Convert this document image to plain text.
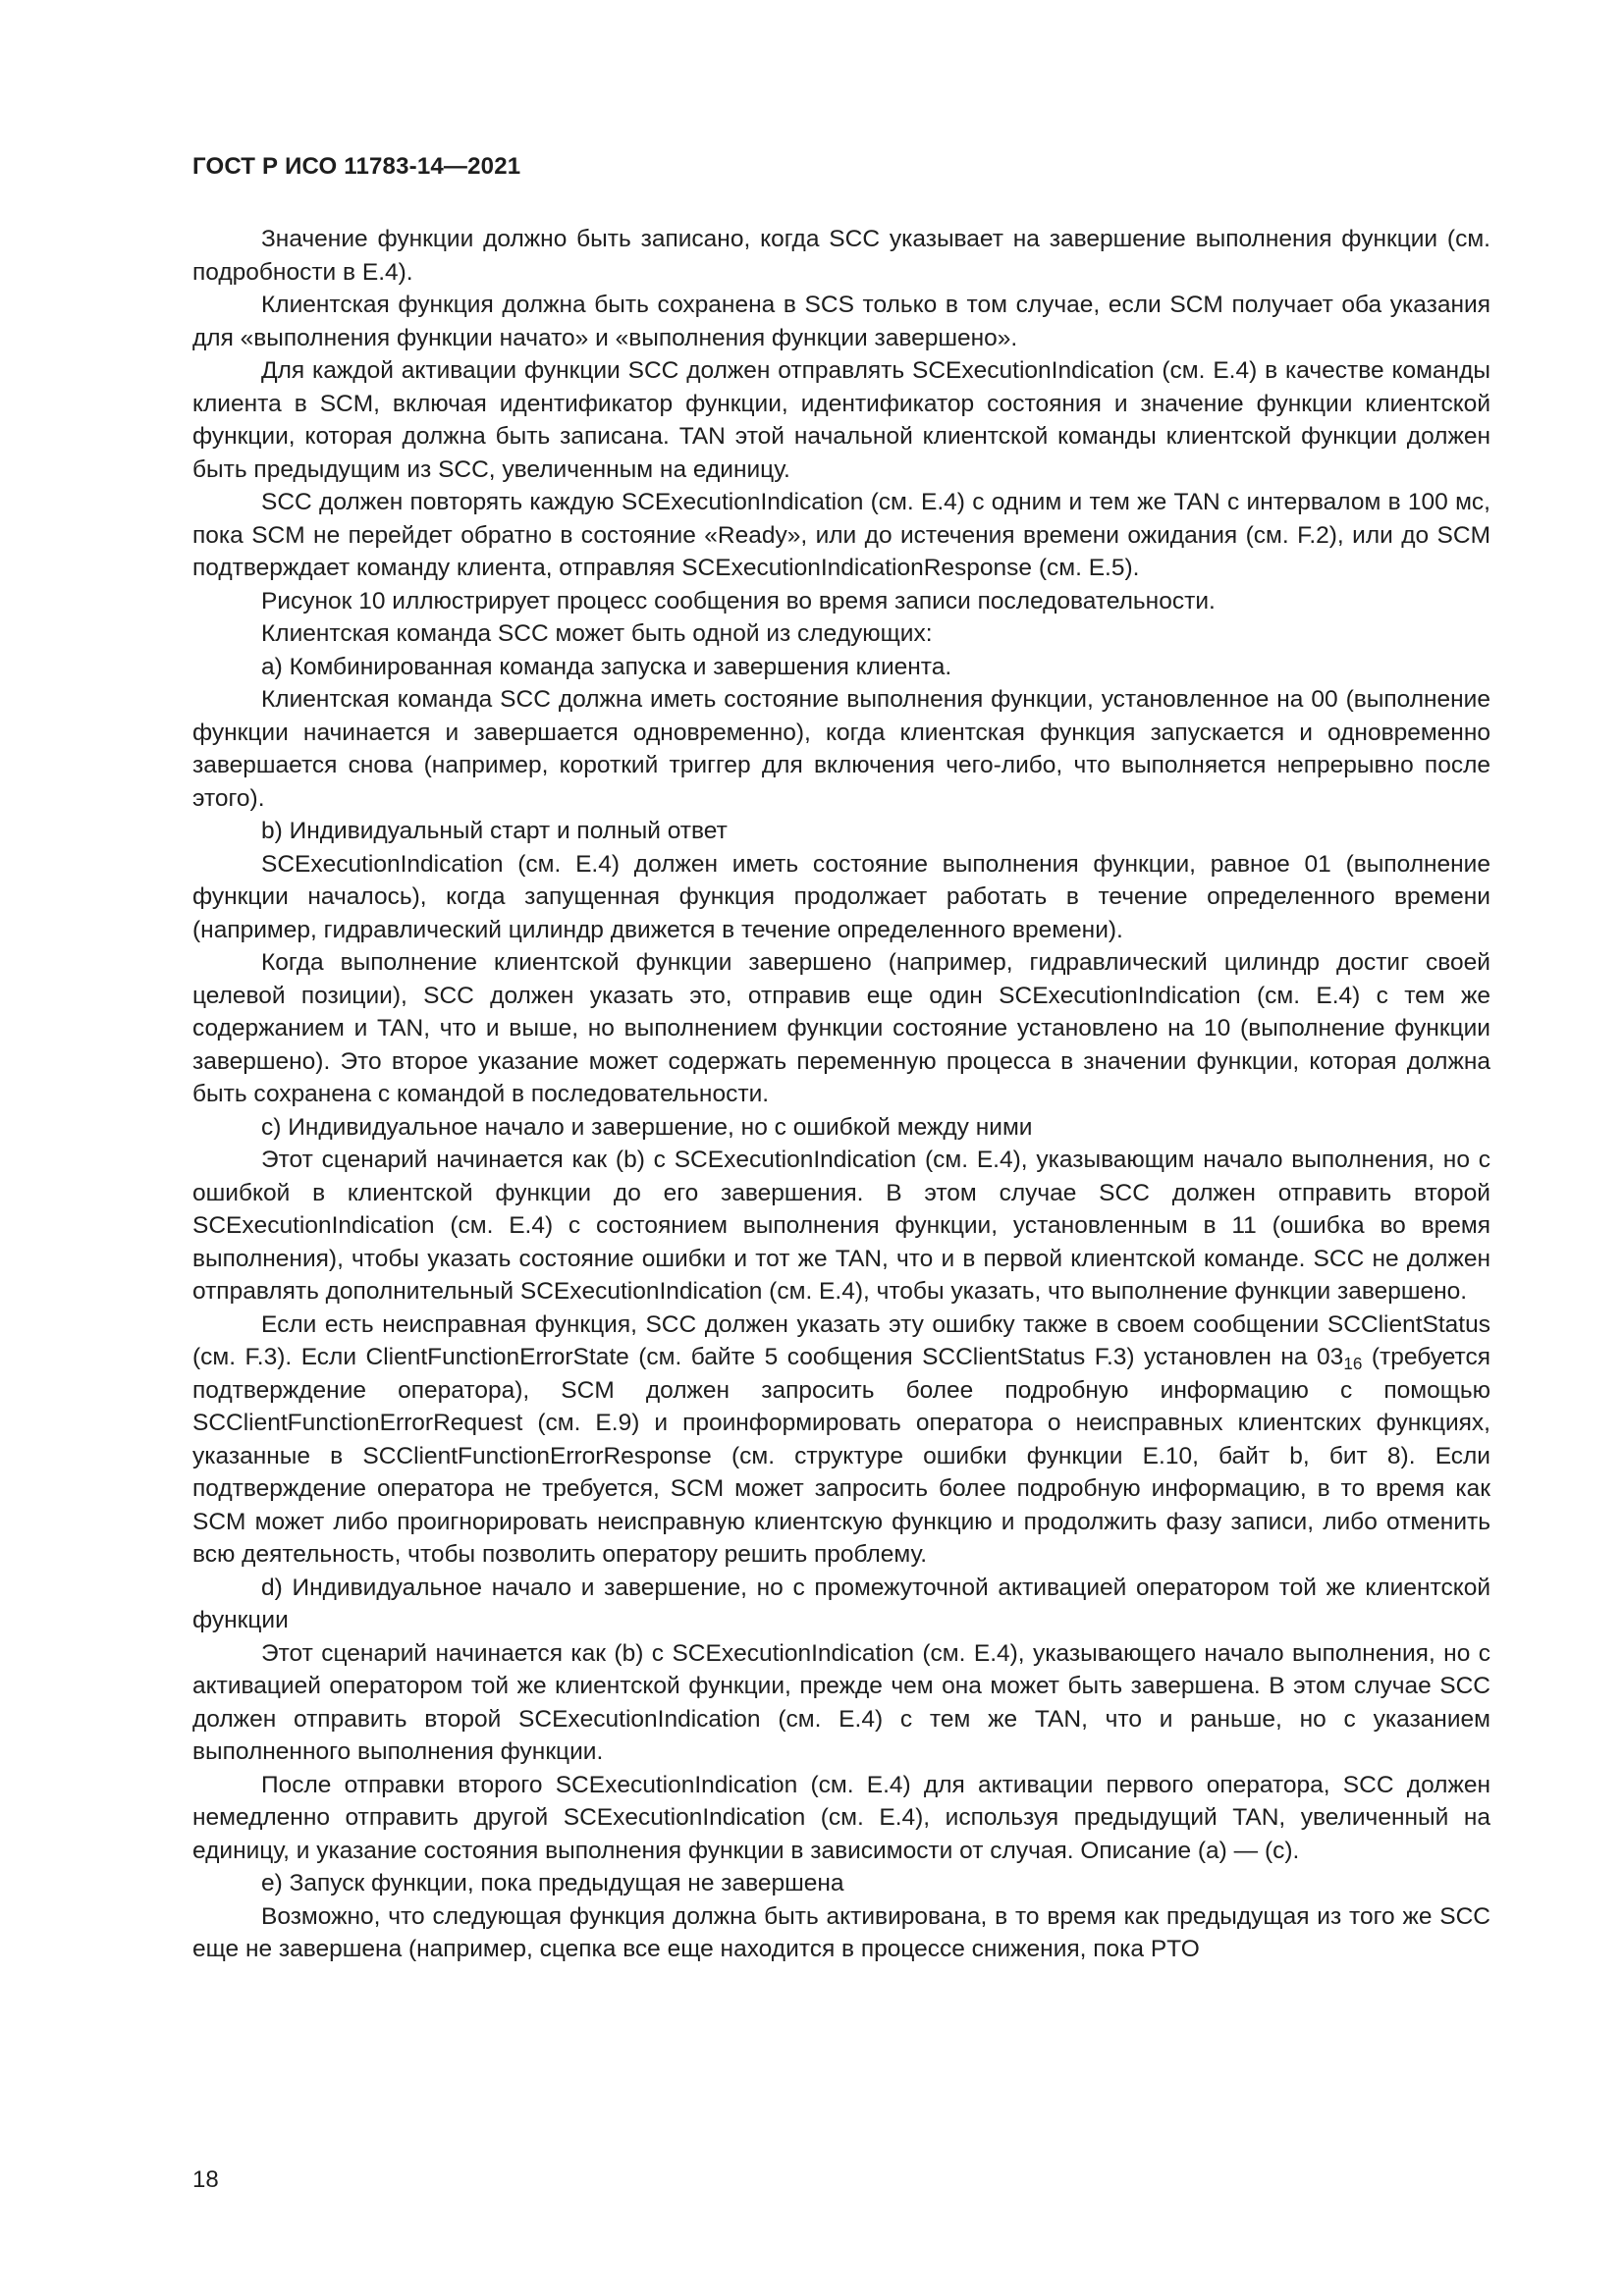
ГОСТ Р ИСО 11783-14—2021

Значение функции должно быть записано, когда SCC указывает на завершение выполнения функции (см. подробности в E.4).

Клиентская функция должна быть сохранена в SCS только в том случае, если SCM получает оба указания для «выполнения функции начато» и «выполнения функции завершено».

Для каждой активации функции SCC должен отправлять SCExecutionIndication (см. E.4) в качестве команды клиента в SCM, включая идентификатор функции, идентификатор состояния и значение функции клиентской функции, которая должна быть записана. TAN этой начальной клиентской команды клиентской функции должен быть предыдущим из SCC, увеличенным на единицу.

SCC должен повторять каждую SCExecutionIndication (см. E.4) с одним и тем же TAN с интервалом в 100 мс, пока SCM не перейдет обратно в состояние «Ready», или до истечения времени ожидания (см. F.2), или до SCM подтверждает команду клиента, отправляя SCExecutionIndicationResponse (см. E.5).

Рисунок 10 иллюстрирует процесс сообщения во время записи последовательности.

Клиентская команда SCC может быть одной из следующих:

a) Комбинированная команда запуска и завершения клиента.

Клиентская команда SCC должна иметь состояние выполнения функции, установленное на 00 (выполнение функции начинается и завершается одновременно), когда клиентская функция запускается и одновременно завершается снова (например, короткий триггер для включения чего-либо, что выполняется непрерывно после этого).

b) Индивидуальный старт и полный ответ

SCExecutionIndication (см. E.4) должен иметь состояние выполнения функции, равное 01 (выполнение функции началось), когда запущенная функция продолжает работать в течение определенного времени (например, гидравлический цилиндр движется в течение определенного времени).

Когда выполнение клиентской функции завершено (например, гидравлический цилиндр достиг своей целевой позиции), SCC должен указать это, отправив еще один SCExecutionIndication (см. E.4) с тем же содержанием и TAN, что и выше, но выполнением функции состояние установлено на 10 (выполнение функции завершено). Это второе указание может содержать переменную процесса в значении функции, которая должна быть сохранена с командой в последовательности.

c) Индивидуальное начало и завершение, но с ошибкой между ними

Этот сценарий начинается как (b) с SCExecutionIndication (см. E.4), указывающим начало выполнения, но с ошибкой в клиентской функции до его завершения. В этом случае SCC должен отправить второй SCExecutionIndication (см. E.4) с состоянием выполнения функции, установленным в 11 (ошибка во время выполнения), чтобы указать состояние ошибки и тот же TAN, что и в первой клиентской команде. SCC не должен отправлять дополнительный SCExecutionIndication (см. E.4), чтобы указать, что выполнение функции завершено.

Если есть неисправная функция, SCC должен указать эту ошибку также в своем сообщении SCClientStatus (см. F.3). Если ClientFunctionErrorState (см. байте 5 сообщения SCClientStatus F.3) установлен на $03_{16}$ (требуется подтверждение оператора), SCM должен запросить более подробную информацию с помощью SCClientFunctionErrorRequest (см. E.9) и проинформировать оператора о неисправных клиентских функциях, указанные в SCClientFunctionErrorResponse (см. структуре ошибки функции E.10, байт b, бит 8). Если подтверждение оператора не требуется, SCM может запросить более подробную информацию, в то время как SCM может либо проигнорировать неисправную клиентскую функцию и продолжить фазу записи, либо отменить всю деятельность, чтобы позволить оператору решить проблему.

d) Индивидуальное начало и завершение, но с промежуточной активацией оператором той же клиентской функции

Этот сценарий начинается как (b) с SCExecutionIndication (см. E.4), указывающего начало выполнения, но с активацией оператором той же клиентской функции, прежде чем она может быть завершена. В этом случае SCC должен отправить второй SCExecutionIndication (см. E.4) с тем же TAN, что и раньше, но с указанием выполненного выполнения функции.

После отправки второго SCExecutionIndication (см. E.4) для активации первого оператора, SCC должен немедленно отправить другой SCExecutionIndication (см. E.4), используя предыдущий TAN, увеличенный на единицу, и указание состояния выполнения функции в зависимости от случая. Описание (a) — (c).

e) Запуск функции, пока предыдущая не завершена

Возможно, что следующая функция должна быть активирована, в то время как предыдущая из того же SCC еще не завершена (например, сцепка все еще находится в процессе снижения, пока PTO

18
